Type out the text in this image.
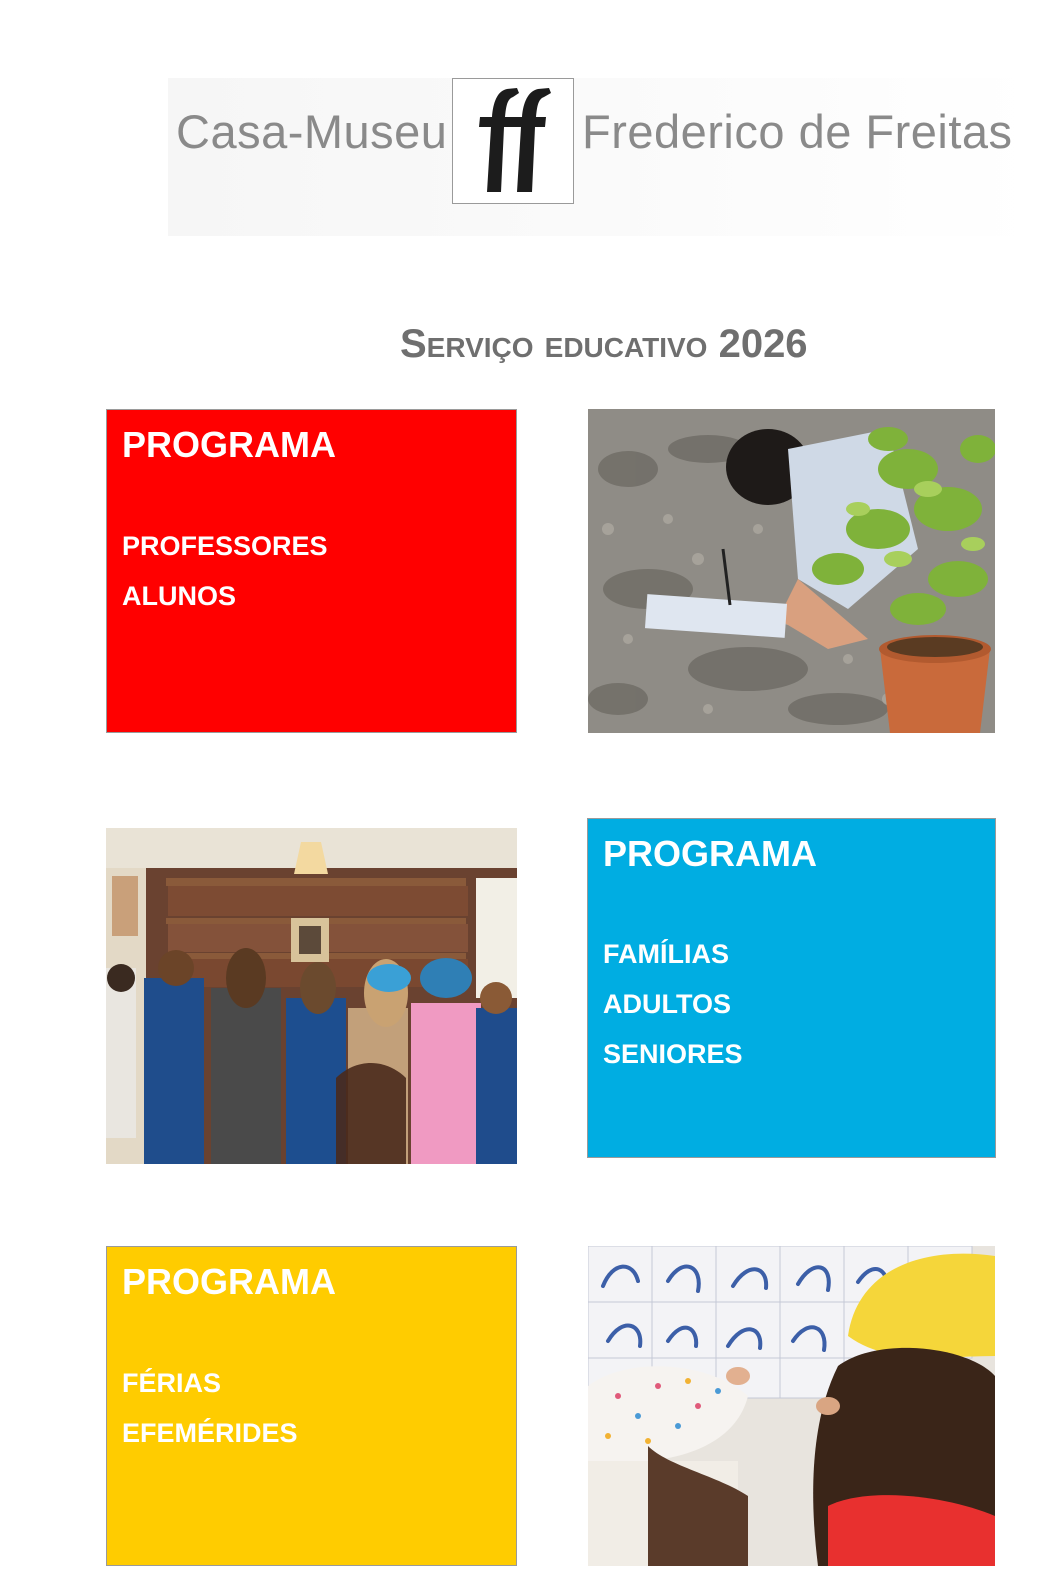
Casa-Museu	Frederico de Freitas
Serviço educativo 2026
PROGRAMA
PROFESSORES
ALUNOS
PROGRAMA
FAMÍLIAS
ADULTOS
SENIORES
PROGRAMA
FÉRIAS
EFEMÉRIDES
